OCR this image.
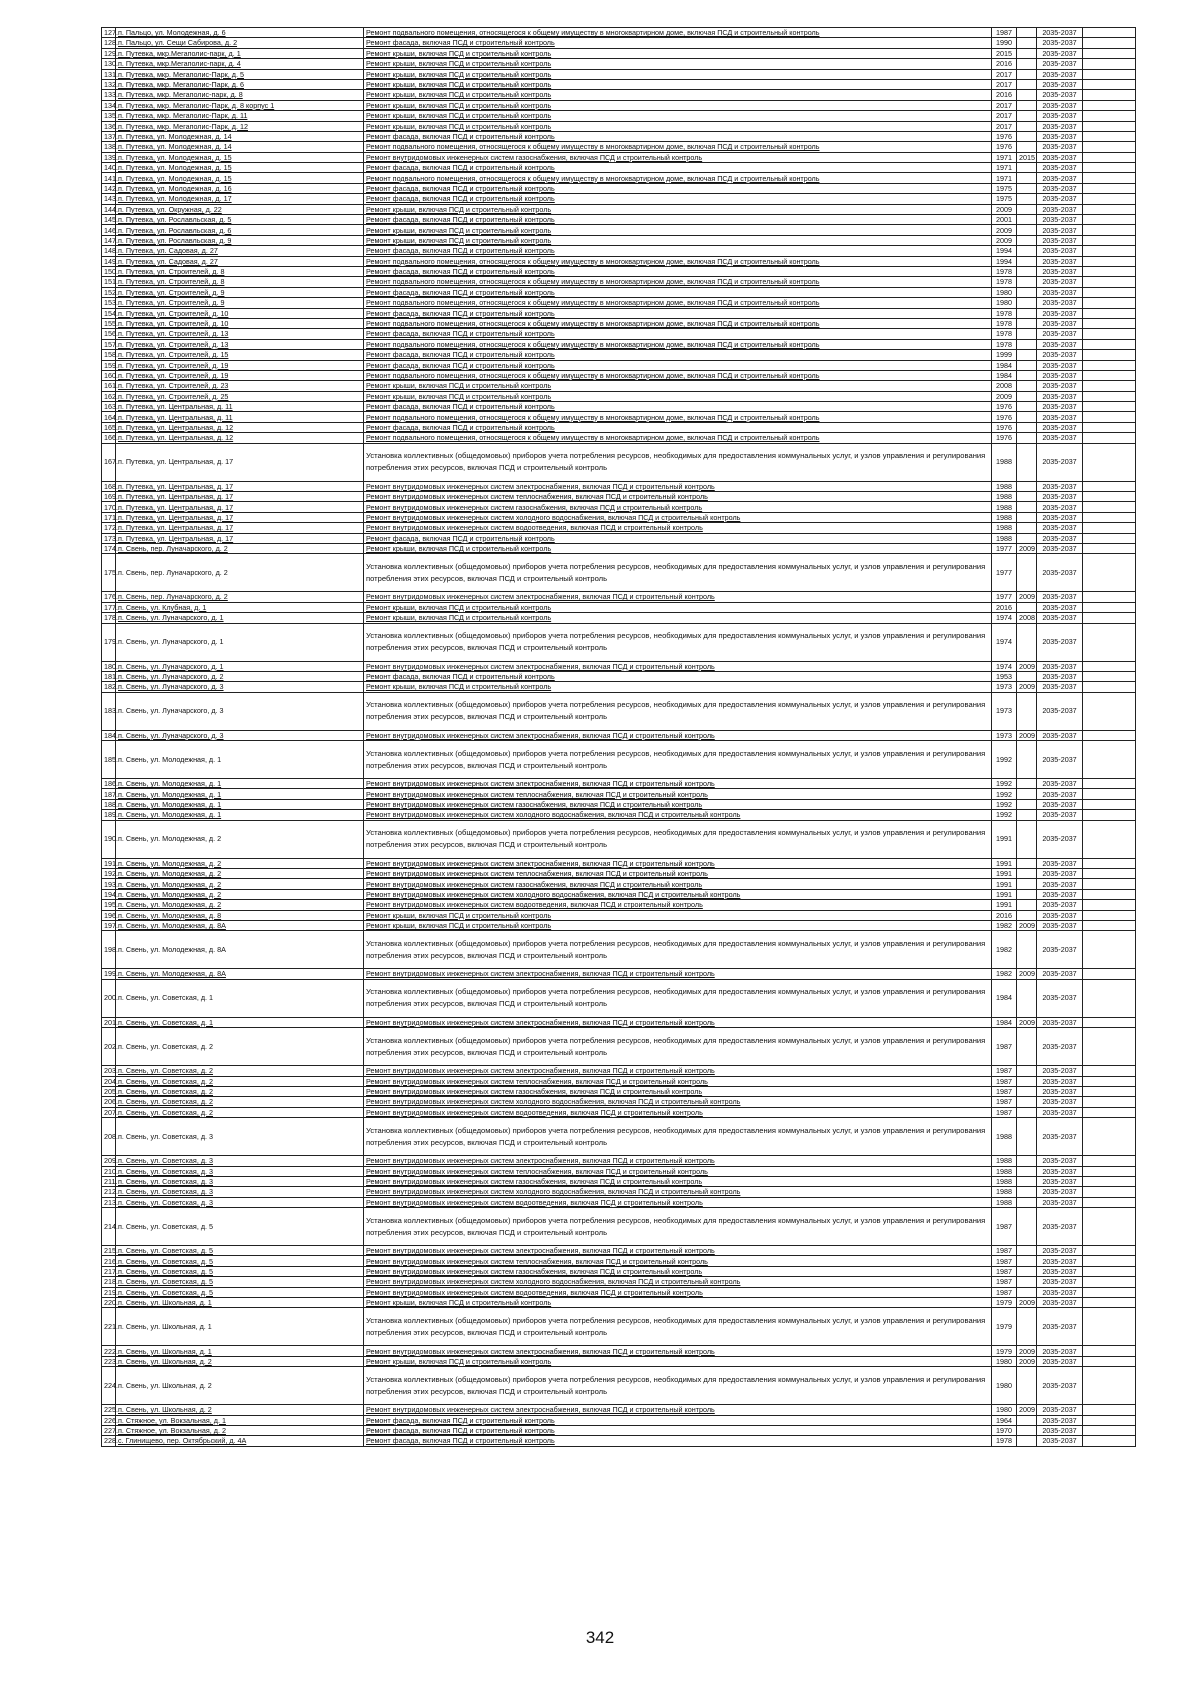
127.	п. Пальцо, ул. Молодежная, д. 6	Ремонт подвального помещения, относящегося к общему имуществу в многоквартирном доме, включая ПСД и строительный контроль	1987		2035-2037	
128.	п. Пальцо, ул. Сещи Сабирова, д. 2	Ремонт фасада, включая ПСД и строительный контроль	1990		2035-2037	
129.	п. Путевка, мкр.Мегаполис-парк, д. 1	Ремонт крыши, включая ПСД и строительный контроль	2015		2035-2037	
130.	п. Путевка, мкр.Мегаполис-парк, д. 4	Ремонт крыши, включая ПСД и строительный контроль	2016		2035-2037	
131.	п. Путевка, мкр. Мегаполис-Парк, д. 5	Ремонт крыши, включая ПСД и строительный контроль	2017		2035-2037	
132.	п. Путевка, мкр. Мегаполис-Парк, д. 6	Ремонт крыши, включая ПСД и строительный контроль	2017		2035-2037	
133.	п. Путевка, мкр. Мегаполис-парк, д. 8	Ремонт крыши, включая ПСД и строительный контроль	2016		2035-2037	
134.	п. Путевка, мкр. Мегаполис-Парк, д. 8 корпус 1	Ремонт крыши, включая ПСД и строительный контроль	2017		2035-2037	
135.	п. Путевка, мкр. Мегаполис-Парк, д. 11	Ремонт крыши, включая ПСД и строительный контроль	2017		2035-2037	
136.	п. Путевка, мкр. Мегаполис-Парк, д. 12	Ремонт крыши, включая ПСД и строительный контроль	2017		2035-2037	
137.	п. Путевка, ул. Молодежная, д. 14	Ремонт фасада, включая ПСД и строительный контроль	1976		2035-2037	
138.	п. Путевка, ул. Молодежная, д. 14	Ремонт подвального помещения, относящегося к общему имуществу в многоквартирном доме, включая ПСД и строительный контроль	1976		2035-2037	
139.	п. Путевка, ул. Молодежная, д. 15	Ремонт внутридомовых инженерных систем газоснабжения, включая ПСД и строительный контроль	1971	2015	2035-2037	
140.	п. Путевка, ул. Молодежная, д. 15	Ремонт фасада, включая ПСД и строительный контроль	1971		2035-2037	
141.	п. Путевка, ул. Молодежная, д. 15	Ремонт подвального помещения, относящегося к общему имуществу в многоквартирном доме, включая ПСД и строительный контроль	1971		2035-2037	
142.	п. Путевка, ул. Молодежная, д. 16	Ремонт фасада, включая ПСД и строительный контроль	1975		2035-2037	
143.	п. Путевка, ул. Молодежная, д. 17	Ремонт фасада, включая ПСД и строительный контроль	1975		2035-2037	
144.	п. Путевка, ул. Окружная, д. 22	Ремонт крыши, включая ПСД и строительный контроль	2009		2035-2037	
145.	п. Путевка, ул. Рославльская, д. 5	Ремонт фасада, включая ПСД и строительный контроль	2001		2035-2037	
146.	п. Путевка, ул. Рославльская, д. 6	Ремонт крыши, включая ПСД и строительный контроль	2009		2035-2037	
147.	п. Путевка, ул. Рославльская, д. 9	Ремонт крыши, включая ПСД и строительный контроль	2009		2035-2037	
148.	п. Путевка, ул. Садовая, д. 27	Ремонт фасада, включая ПСД и строительный контроль	1994		2035-2037	
149.	п. Путевка, ул. Садовая, д. 27	Ремонт подвального помещения, относящегося к общему имуществу в многоквартирном доме, включая ПСД и строительный контроль	1994		2035-2037	
150.	п. Путевка, ул. Строителей, д. 8	Ремонт фасада, включая ПСД и строительный контроль	1978		2035-2037	
151.	п. Путевка, ул. Строителей, д. 8	Ремонт подвального помещения, относящегося к общему имуществу в многоквартирном доме, включая ПСД и строительный контроль	1978		2035-2037	
152.	п. Путевка, ул. Строителей, д. 9	Ремонт фасада, включая ПСД и строительный контроль	1980		2035-2037	
153.	п. Путевка, ул. Строителей, д. 9	Ремонт подвального помещения, относящегося к общему имуществу в многоквартирном доме, включая ПСД и строительный контроль	1980		2035-2037	
154.	п. Путевка, ул. Строителей, д. 10	Ремонт фасада, включая ПСД и строительный контроль	1978		2035-2037	
155.	п. Путевка, ул. Строителей, д. 10	Ремонт подвального помещения, относящегося к общему имуществу в многоквартирном доме, включая ПСД и строительный контроль	1978		2035-2037	
156.	п. Путевка, ул. Строителей, д. 13	Ремонт фасада, включая ПСД и строительный контроль	1978		2035-2037	
157.	п. Путевка, ул. Строителей, д. 13	Ремонт подвального помещения, относящегося к общему имуществу в многоквартирном доме, включая ПСД и строительный контроль	1978		2035-2037	
158.	п. Путевка, ул. Строителей, д. 15	Ремонт фасада, включая ПСД и строительный контроль	1999		2035-2037	
159.	п. Путевка, ул. Строителей, д. 19	Ремонт фасада, включая ПСД и строительный контроль	1984		2035-2037	
160.	п. Путевка, ул. Строителей, д. 19	Ремонт подвального помещения, относящегося к общему имуществу в многоквартирном доме, включая ПСД и строительный контроль	1984		2035-2037	
161.	п. Путевка, ул. Строителей, д. 23	Ремонт крыши, включая ПСД и строительный контроль	2008		2035-2037	
162.	п. Путевка, ул. Строителей, д. 25	Ремонт крыши, включая ПСД и строительный контроль	2009		2035-2037	
163.	п. Путевка, ул. Центральная, д. 11	Ремонт фасада, включая ПСД и строительный контроль	1976		2035-2037	
164.	п. Путевка, ул. Центральная, д. 11	Ремонт подвального помещения, относящегося к общему имуществу в многоквартирном доме, включая ПСД и строительный контроль	1976		2035-2037	
165.	п. Путевка, ул. Центральная, д. 12	Ремонт фасада, включая ПСД и строительный контроль	1976		2035-2037	
166.	п. Путевка, ул. Центральная, д. 12	Ремонт подвального помещения, относящегося к общему имуществу в многоквартирном доме, включая ПСД и строительный контроль	1976		2035-2037	
167.	п. Путевка, ул. Центральная, д. 17	Установка коллективных (общедомовых) приборов учета потребления ресурсов, необходимых для предоставления коммунальных услуг, и узлов управления и регулирования потребления этих ресурсов, включая ПСД и строительный контроль	1988		2035-2037	
168.	п. Путевка, ул. Центральная, д. 17	Ремонт внутридомовых инженерных систем электроснабжения, включая ПСД и строительный контроль	1988		2035-2037	
169.	п. Путевка, ул. Центральная, д. 17	Ремонт внутридомовых инженерных систем теплоснабжения, включая ПСД и строительный контроль	1988		2035-2037	
170.	п. Путевка, ул. Центральная, д. 17	Ремонт внутридомовых инженерных систем газоснабжения, включая ПСД и строительный контроль	1988		2035-2037	
171.	п. Путевка, ул. Центральная, д. 17	Ремонт внутридомовых инженерных систем холодного водоснабжения, включая ПСД и строительный контроль	1988		2035-2037	
172.	п. Путевка, ул. Центральная, д. 17	Ремонт внутридомовых инженерных систем водоотведения, включая ПСД и строительный контроль	1988		2035-2037	
173.	п. Путевка, ул. Центральная, д. 17	Ремонт фасада, включая ПСД и строительный контроль	1988		2035-2037	
174.	п. Свень, пер. Луначарского, д. 2	Ремонт крыши, включая ПСД и строительный контроль	1977	2009	2035-2037	
175.	п. Свень, пер. Луначарского, д. 2	Установка коллективных (общедомовых) приборов учета потребления ресурсов, необходимых для предоставления коммунальных услуг, и узлов управления и регулирования потребления этих ресурсов, включая ПСД и строительный контроль	1977		2035-2037	
176.	п. Свень, пер. Луначарского, д. 2	Ремонт внутридомовых инженерных систем электроснабжения, включая ПСД и строительный контроль	1977	2009	2035-2037	
177.	п. Свень, ул. Клубная, д. 1	Ремонт крыши, включая ПСД и строительный контроль	2016		2035-2037	
178.	п. Свень, ул. Луначарского, д. 1	Ремонт крыши, включая ПСД и строительный контроль	1974	2008	2035-2037	
179.	п. Свень, ул. Луначарского, д. 1	Установка коллективных (общедомовых) приборов учета потребления ресурсов, необходимых для предоставления коммунальных услуг, и узлов управления и регулирования потребления этих ресурсов, включая ПСД и строительный контроль	1974		2035-2037	
180.	п. Свень, ул. Луначарского, д. 1	Ремонт внутридомовых инженерных систем электроснабжения, включая ПСД и строительный контроль	1974	2009	2035-2037	
181.	п. Свень, ул. Луначарского, д. 2	Ремонт фасада, включая ПСД и строительный контроль	1953		2035-2037	
182.	п. Свень, ул. Луначарского, д. 3	Ремонт крыши, включая ПСД и строительный контроль	1973	2009	2035-2037	
183.	п. Свень, ул. Луначарского, д. 3	Установка коллективных (общедомовых) приборов учета потребления ресурсов, необходимых для предоставления коммунальных услуг, и узлов управления и регулирования потребления этих ресурсов, включая ПСД и строительный контроль	1973		2035-2037	
184.	п. Свень, ул. Луначарского, д. 3	Ремонт внутридомовых инженерных систем электроснабжения, включая ПСД и строительный контроль	1973	2009	2035-2037	
185.	п. Свень, ул. Молодежная, д. 1	Установка коллективных (общедомовых) приборов учета потребления ресурсов, необходимых для предоставления коммунальных услуг, и узлов управления и регулирования потребления этих ресурсов, включая ПСД и строительный контроль	1992		2035-2037	
186.	п. Свень, ул. Молодежная, д. 1	Ремонт внутридомовых инженерных систем электроснабжения, включая ПСД и строительный контроль	1992		2035-2037	
187.	п. Свень, ул. Молодежная, д. 1	Ремонт внутридомовых инженерных систем теплоснабжения, включая ПСД и строительный контроль	1992		2035-2037	
188.	п. Свень, ул. Молодежная, д. 1	Ремонт внутридомовых инженерных систем газоснабжения, включая ПСД и строительный контроль	1992		2035-2037	
189.	п. Свень, ул. Молодежная, д. 1	Ремонт внутридомовых инженерных систем холодного водоснабжения, включая ПСД и строительный контроль	1992		2035-2037	
190.	п. Свень, ул. Молодежная, д. 2	Установка коллективных (общедомовых) приборов учета потребления ресурсов, необходимых для предоставления коммунальных услуг, и узлов управления и регулирования потребления этих ресурсов, включая ПСД и строительный контроль	1991		2035-2037	
191.	п. Свень, ул. Молодежная, д. 2	Ремонт внутридомовых инженерных систем электроснабжения, включая ПСД и строительный контроль	1991		2035-2037	
192.	п. Свень, ул. Молодежная, д. 2	Ремонт внутридомовых инженерных систем теплоснабжения, включая ПСД и строительный контроль	1991		2035-2037	
193.	п. Свень, ул. Молодежная, д. 2	Ремонт внутридомовых инженерных систем газоснабжения, включая ПСД и строительный контроль	1991		2035-2037	
194.	п. Свень, ул. Молодежная, д. 2	Ремонт внутридомовых инженерных систем холодного водоснабжения, включая ПСД и строительный контроль	1991		2035-2037	
195.	п. Свень, ул. Молодежная, д. 2	Ремонт внутридомовых инженерных систем водоотведения, включая ПСД и строительный контроль	1991		2035-2037	
196.	п. Свень, ул. Молодежная, д. 8	Ремонт крыши, включая ПСД и строительный контроль	2016		2035-2037	
197.	п. Свень, ул. Молодежная, д. 8А	Ремонт крыши, включая ПСД и строительный контроль	1982	2009	2035-2037	
198.	п. Свень, ул. Молодежная, д. 8А	Установка коллективных (общедомовых) приборов учета потребления ресурсов, необходимых для предоставления коммунальных услуг, и узлов управления и регулирования потребления этих ресурсов, включая ПСД и строительный контроль	1982		2035-2037	
199.	п. Свень, ул. Молодежная, д. 8А	Ремонт внутридомовых инженерных систем электроснабжения, включая ПСД и строительный контроль	1982	2009	2035-2037	
200.	п. Свень, ул. Советская, д. 1	Установка коллективных (общедомовых) приборов учета потребления ресурсов, необходимых для предоставления коммунальных услуг, и узлов управления и регулирования потребления этих ресурсов, включая ПСД и строительный контроль	1984		2035-2037	
201.	п. Свень, ул. Советская, д. 1	Ремонт внутридомовых инженерных систем электроснабжения, включая ПСД и строительный контроль	1984	2009	2035-2037	
202.	п. Свень, ул. Советская, д. 2	Установка коллективных (общедомовых) приборов учета потребления ресурсов, необходимых для предоставления коммунальных услуг, и узлов управления и регулирования потребления этих ресурсов, включая ПСД и строительный контроль	1987		2035-2037	
203.	п. Свень, ул. Советская, д. 2	Ремонт внутридомовых инженерных систем электроснабжения, включая ПСД и строительный контроль	1987		2035-2037	
204.	п. Свень, ул. Советская, д. 2	Ремонт внутридомовых инженерных систем теплоснабжения, включая ПСД и строительный контроль	1987		2035-2037	
205.	п. Свень, ул. Советская, д. 2	Ремонт внутридомовых инженерных систем газоснабжения, включая ПСД и строительный контроль	1987		2035-2037	
206.	п. Свень, ул. Советская, д. 2	Ремонт внутридомовых инженерных систем холодного водоснабжения, включая ПСД и строительный контроль	1987		2035-2037	
207.	п. Свень, ул. Советская, д. 2	Ремонт внутридомовых инженерных систем водоотведения, включая ПСД и строительный контроль	1987		2035-2037	
208.	п. Свень, ул. Советская, д. 3	Установка коллективных (общедомовых) приборов учета потребления ресурсов, необходимых для предоставления коммунальных услуг, и узлов управления и регулирования потребления этих ресурсов, включая ПСД и строительный контроль	1988		2035-2037	
209.	п. Свень, ул. Советская, д. 3	Ремонт внутридомовых инженерных систем электроснабжения, включая ПСД и строительный контроль	1988		2035-2037	
210.	п. Свень, ул. Советская, д. 3	Ремонт внутридомовых инженерных систем теплоснабжения, включая ПСД и строительный контроль	1988		2035-2037	
211.	п. Свень, ул. Советская, д. 3	Ремонт внутридомовых инженерных систем газоснабжения, включая ПСД и строительный контроль	1988		2035-2037	
212.	п. Свень, ул. Советская, д. 3	Ремонт внутридомовых инженерных систем холодного водоснабжения, включая ПСД и строительный контроль	1988		2035-2037	
213.	п. Свень, ул. Советская, д. 3	Ремонт внутридомовых инженерных систем водоотведения, включая ПСД и строительный контроль	1988		2035-2037	
214.	п. Свень, ул. Советская, д. 5	Установка коллективных (общедомовых) приборов учета потребления ресурсов, необходимых для предоставления коммунальных услуг, и узлов управления и регулирования потребления этих ресурсов, включая ПСД и строительный контроль	1987		2035-2037	
215.	п. Свень, ул. Советская, д. 5	Ремонт внутридомовых инженерных систем электроснабжения, включая ПСД и строительный контроль	1987		2035-2037	
216.	п. Свень, ул. Советская, д. 5	Ремонт внутридомовых инженерных систем теплоснабжения, включая ПСД и строительный контроль	1987		2035-2037	
217.	п. Свень, ул. Советская, д. 5	Ремонт внутридомовых инженерных систем газоснабжения, включая ПСД и строительный контроль	1987		2035-2037	
218.	п. Свень, ул. Советская, д. 5	Ремонт внутридомовых инженерных систем холодного водоснабжения, включая ПСД и строительный контроль	1987		2035-2037	
219.	п. Свень, ул. Советская, д. 5	Ремонт внутридомовых инженерных систем водоотведения, включая ПСД и строительный контроль	1987		2035-2037	
220.	п. Свень, ул. Школьная, д. 1	Ремонт крыши, включая ПСД и строительный контроль	1979	2009	2035-2037	
221.	п. Свень, ул. Школьная, д. 1	Установка коллективных (общедомовых) приборов учета потребления ресурсов, необходимых для предоставления коммунальных услуг, и узлов управления и регулирования потребления этих ресурсов, включая ПСД и строительный контроль	1979		2035-2037	
222.	п. Свень, ул. Школьная, д. 1	Ремонт внутридомовых инженерных систем электроснабжения, включая ПСД и строительный контроль	1979	2009	2035-2037	
223.	п. Свень, ул. Школьная, д. 2	Ремонт крыши, включая ПСД и строительный контроль	1980	2009	2035-2037	
224.	п. Свень, ул. Школьная, д. 2	Установка коллективных (общедомовых) приборов учета потребления ресурсов, необходимых для предоставления коммунальных услуг, и узлов управления и регулирования потребления этих ресурсов, включая ПСД и строительный контроль	1980		2035-2037	
225.	п. Свень, ул. Школьная, д. 2	Ремонт внутридомовых инженерных систем электроснабжения, включая ПСД и строительный контроль	1980	2009	2035-2037	
226.	п. Стяжное, ул. Вокзальная, д. 1	Ремонт фасада, включая ПСД и строительный контроль	1964		2035-2037	
227.	п. Стяжное, ул. Вокзальная, д. 2	Ремонт фасада, включая ПСД и строительный контроль	1970		2035-2037	
228.	с. Глинищево, пер. Октябрьский, д. 4А	Ремонт фасада, включая ПСД и строительный контроль	1978		2035-2037	
342
